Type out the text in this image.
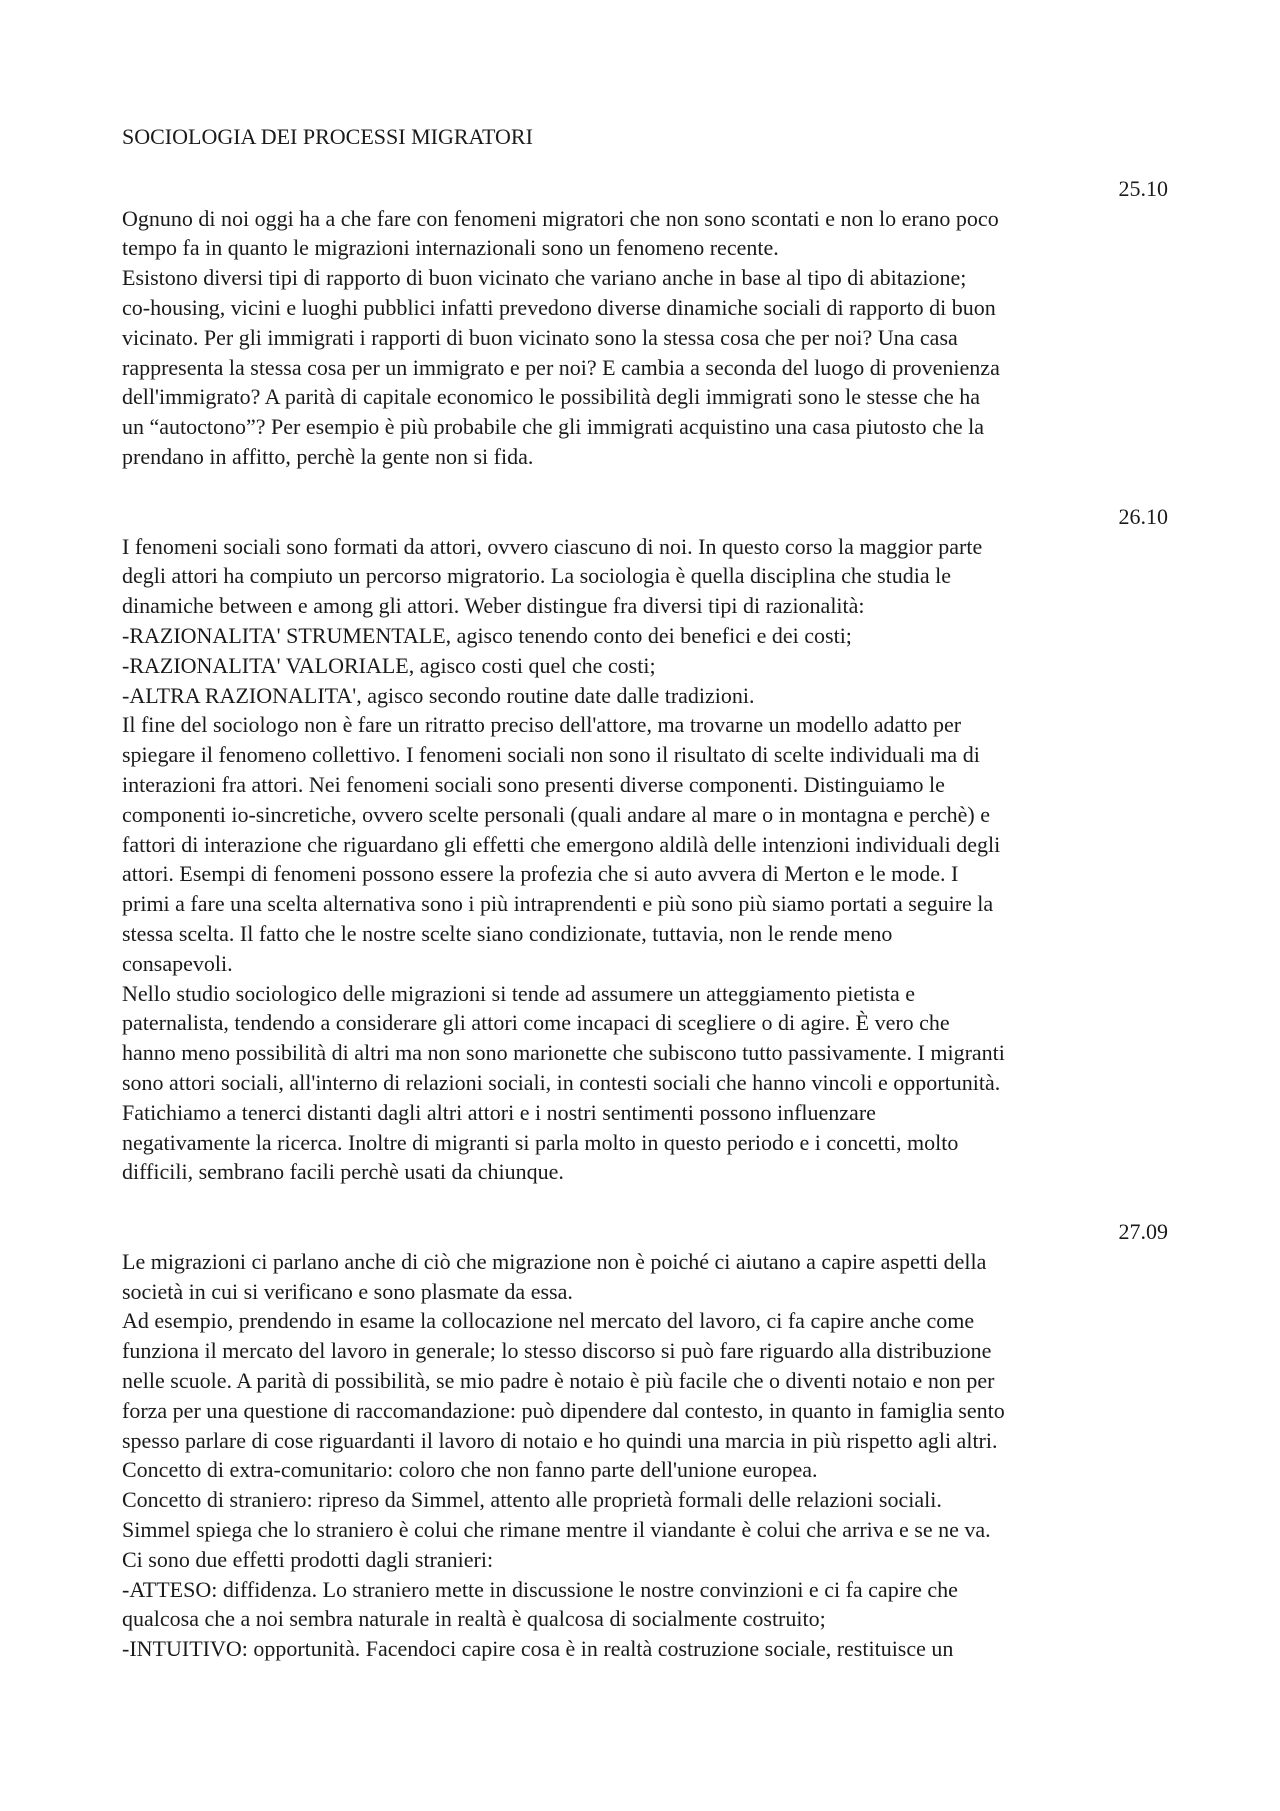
SOCIOLOGIA DEI PROCESSI MIGRATORI

25.10

Ognuno di noi oggi ha a che fare con fenomeni migratori che non sono scontati e non lo erano poco
tempo fa in quanto le migrazioni internazionali sono un fenomeno recente.

Esistono diversi tipi di rapporto di buon vicinato che variano anche in base al tipo di abitazione;
co-housing, vicini e luoghi pubblici infatti prevedono diverse dinamiche sociali di rapporto di buon
vicinato. Per gli immigrati i rapporti di buon vicinato sono la stessa cosa che per noi? Una casa
rappresenta la stessa cosa per un immigrato e per noi? E cambia a seconda del luogo di provenienza
dell'immigrato? A parità di capitale economico le possibilità degli immigrati sono le stesse che ha
un “autoctono”? Per esempio è più probabile che gli immigrati acquistino una casa piutosto che la
prendano in affitto, perchè la gente non si fida.

26.10

I fenomeni sociali sono formati da attori, ovvero ciascuno di noi. In questo corso la maggior parte
degli attori ha compiuto un percorso migratorio. La sociologia è quella disciplina che studia le
dinamiche between e among gli attori. Weber distingue fra diversi tipi di razionalità:

-RAZIONALITA' STRUMENTALE, agisco tenendo conto dei benefici e dei costi;

-RAZIONALITA' VALORIALE, agisco costi quel che costi;

-ALTRA RAZIONALITA', agisco secondo routine date dalle tradizioni.

Il fine del sociologo non è fare un ritratto preciso dell'attore, ma trovarne un modello adatto per
spiegare il fenomeno collettivo. I fenomeni sociali non sono il risultato di scelte individuali ma di
interazioni fra attori. Nei fenomeni sociali sono presenti diverse componenti. Distinguiamo le
componenti io-sincretiche, ovvero scelte personali (quali andare al mare o in montagna e perchè) e
fattori di interazione che riguardano gli effetti che emergono aldilà delle intenzioni individuali degli
attori. Esempi di fenomeni possono essere la profezia che si auto avvera di Merton e le mode. I
primi a fare una scelta alternativa sono i più intraprendenti e più sono più siamo portati a seguire la
stessa scelta. Il fatto che le nostre scelte siano condizionate, tuttavia, non le rende meno
consapevoli.

Nello studio sociologico delle migrazioni si tende ad assumere un atteggiamento pietista e
paternalista, tendendo a considerare gli attori come incapaci di scegliere o di agire. È vero che
hanno meno possibilità di altri ma non sono marionette che subiscono tutto passivamente. I migranti
sono attori sociali, all'interno di relazioni sociali, in contesti sociali che hanno vincoli e opportunità.
Fatichiamo a tenerci distanti dagli altri attori e i nostri sentimenti possono influenzare
negativamente la ricerca. Inoltre di migranti si parla molto in questo periodo e i concetti, molto
difficili, sembrano facili perchè usati da chiunque.

27.09

Le migrazioni ci parlano anche di ciò che migrazione non è poiché ci aiutano a capire aspetti della
società in cui si verificano e sono plasmate da essa.

Ad esempio, prendendo in esame la collocazione nel mercato del lavoro, ci fa capire anche come
funziona il mercato del lavoro in generale; lo stesso discorso si può fare riguardo alla distribuzione
nelle scuole. A parità di possibilità, se mio padre è notaio è più facile che o diventi notaio e non per
forza per una questione di raccomandazione: può dipendere dal contesto, in quanto in famiglia sento
spesso parlare di cose riguardanti il lavoro di notaio e ho quindi una marcia in più rispetto agli altri.

Concetto di extra-comunitario: coloro che non fanno parte dell'unione europea.

Concetto di straniero: ripreso da Simmel, attento alle proprietà formali delle relazioni sociali.

Simmel spiega che lo straniero è colui che rimane mentre il viandante è colui che arriva e se ne va.

Ci sono due effetti prodotti dagli stranieri:

-ATTESO: diffidenza. Lo straniero mette in discussione le nostre convinzioni e ci fa capire che
qualcosa che a noi sembra naturale in realtà è qualcosa di socialmente costruito;

-INTUITIVO: opportunità. Facendoci capire cosa è in realtà costruzione sociale, restituisce un
